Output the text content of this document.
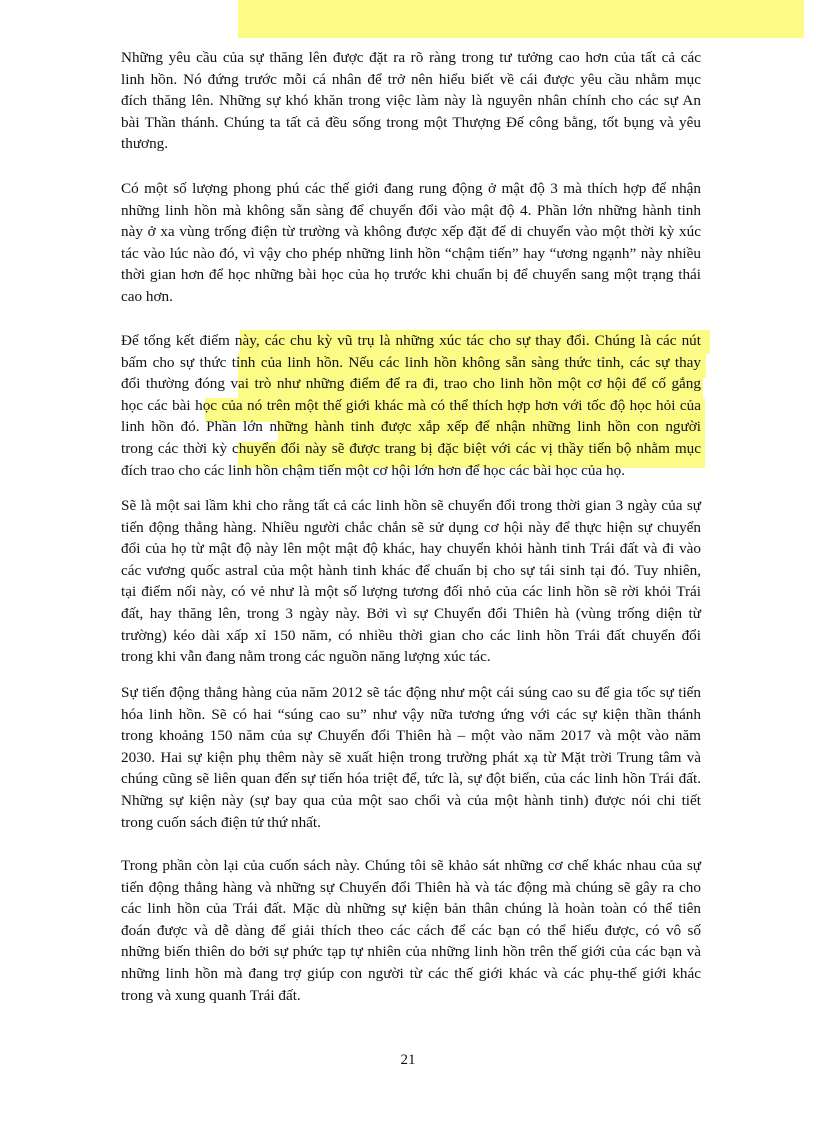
Những yêu cầu của sự thăng lên được đặt ra rõ ràng trong tư tưởng cao hơn của tất cả các
linh hồn. Nó đứng trước mỗi cá nhân để trở nên hiểu biết về cái được yêu cầu nhằm mục
đích thăng lên. Những sự khó khăn trong việc làm này là nguyên nhân chính cho các sự An
bài Thần thánh. Chúng ta tất cả đều sống trong một Thượng Đế công bằng, tốt bụng và yêu
thương.

Có một số lượng phong phú các thế giới đang rung động ở mật độ 3 mà thích hợp để nhận
những linh hồn mà không sẵn sàng để chuyển đổi vào mật độ 4. Phần lớn những hành tinh
này ở xa vùng trống điện từ trường và không được xếp đặt để di chuyển vào một thời kỳ xúc
tác vào lúc nào đó, vì vậy cho phép những linh hồn “chậm tiến” hay “ương ngạnh” này nhiều
thời gian hơn để học những bài học của họ trước khi chuẩn bị để chuyển sang một trạng thái
cao hơn.

Để tổng kết điểm này, các chu kỳ vũ trụ là những xúc tác cho sự thay đổi. Chúng là các nút
bấm cho sự thức tỉnh của linh hồn. Nếu các linh hồn không sẵn sàng thức tỉnh, các sự thay
đổi thường đóng vai trò như những điểm để ra đi, trao cho linh hồn một cơ hội để cố gắng
học các bài học của nó trên một thế giới khác mà có thể thích hợp hơn với tốc độ học hỏi của
linh hồn đó. Phần lớn những hành tinh được xắp xếp để nhận những linh hồn con người
trong các thời kỳ chuyển đổi này sẽ được trang bị đặc biệt với các vị thầy tiến bộ nhằm mục
đích trao cho các linh hồn chậm tiến một cơ hội lớn hơn để học các bài học của họ.

Sẽ là một sai lầm khi cho rằng tất cả các linh hồn sẽ chuyển đổi trong thời gian 3 ngày của sự
tiến động thẳng hàng. Nhiều người chắc chắn sẽ sử dụng cơ hội này để thực hiện sự chuyển
đổi của họ từ mật độ này lên một mật độ khác, hay chuyển khỏi hành tinh Trái đất và đi vào
các vương quốc astral của một hành tinh khác để chuẩn bị cho sự tái sinh tại đó. Tuy nhiên,
tại điểm nối này, có vẻ như là một số lượng tương đối nhỏ của các linh hồn sẽ rời khỏi Trái
đất, hay thăng lên, trong 3 ngày này. Bởi vì sự Chuyển đổi Thiên hà (vùng trống diện từ
trường) kéo dài xấp xỉ 150 năm, có nhiều thời gian cho các linh hồn Trái đất chuyển đổi
trong khi vẫn đang nằm trong các nguồn năng lượng xúc tác.

Sự tiến động thẳng hàng của năm 2012 sẽ tác động như một cái súng cao su để gia tốc sự tiến
hóa linh hồn. Sẽ có hai “súng cao su” như vậy nữa tương ứng với các sự kiện thần thánh
trong khoảng 150 năm của sự Chuyển đổi Thiên hà – một vào năm 2017 và một vào năm
2030. Hai sự kiện phụ thêm này sẽ xuất hiện trong trường phát xạ từ Mặt trời Trung tâm và
chúng cũng sẽ liên quan đến sự tiến hóa triệt để, tức là, sự đột biến, của các linh hồn Trái đất.
Những sự kiện này (sự bay qua của một sao chổi và của một hành tinh) được nói chi tiết
trong cuốn sách điện tử thứ nhất.

Trong phần còn lại của cuốn sách này. Chúng tôi sẽ khảo sát những cơ chế khác nhau của sự
tiến động thẳng hàng và những sự Chuyển đổi Thiên hà và tác động mà chúng sẽ gây ra cho
các linh hồn của Trái đất. Mặc dù những sự kiện bản thân chúng là hoàn toàn có thể tiên
đoán được và dễ dàng để giải thích theo các cách để các bạn có thể hiểu được, có vô số
những biến thiên do bởi sự phức tạp tự nhiên của những linh hồn trên thế giới của các bạn và
những linh hồn mà đang trợ giúp con người từ các thế giới khác và các phụ-thế giới khác
trong và xung quanh Trái đất.

21
